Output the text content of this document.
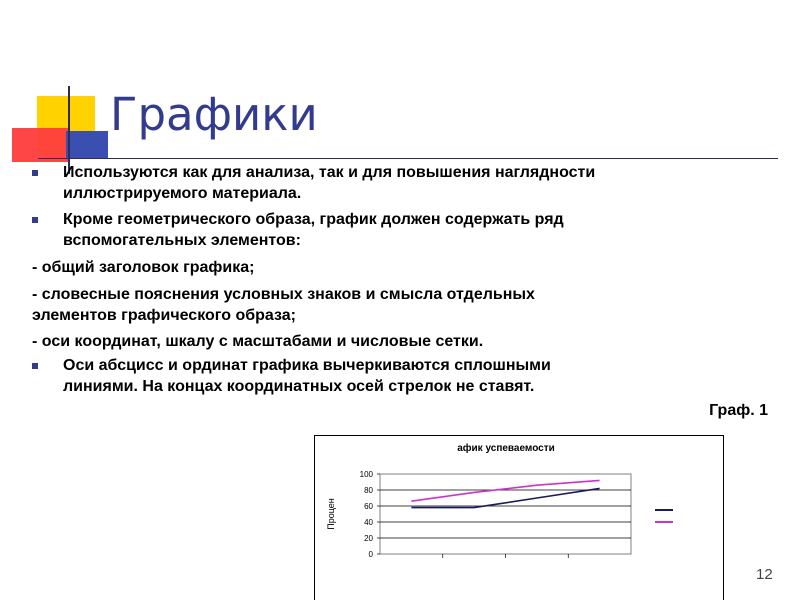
Графики
Используются как для анализа, так и для повышения наглядности
иллюстрируемого материала.
Кроме геометрического образа, график должен содержать ряд
вспомогательных элементов:
- общий заголовок графика;
- словесные пояснения условных знаков и смысла отдельных
элементов графического образа;
- оси координат, шкалу с масштабами и числовые сетки.
Оси абсцисс и ординат графика вычеркиваются сплошными
линиями. На концах координатных осей стрелок не ставят.
Граф. 1
афик успеваемости
0
20
40
60
80
100
Процен
12
